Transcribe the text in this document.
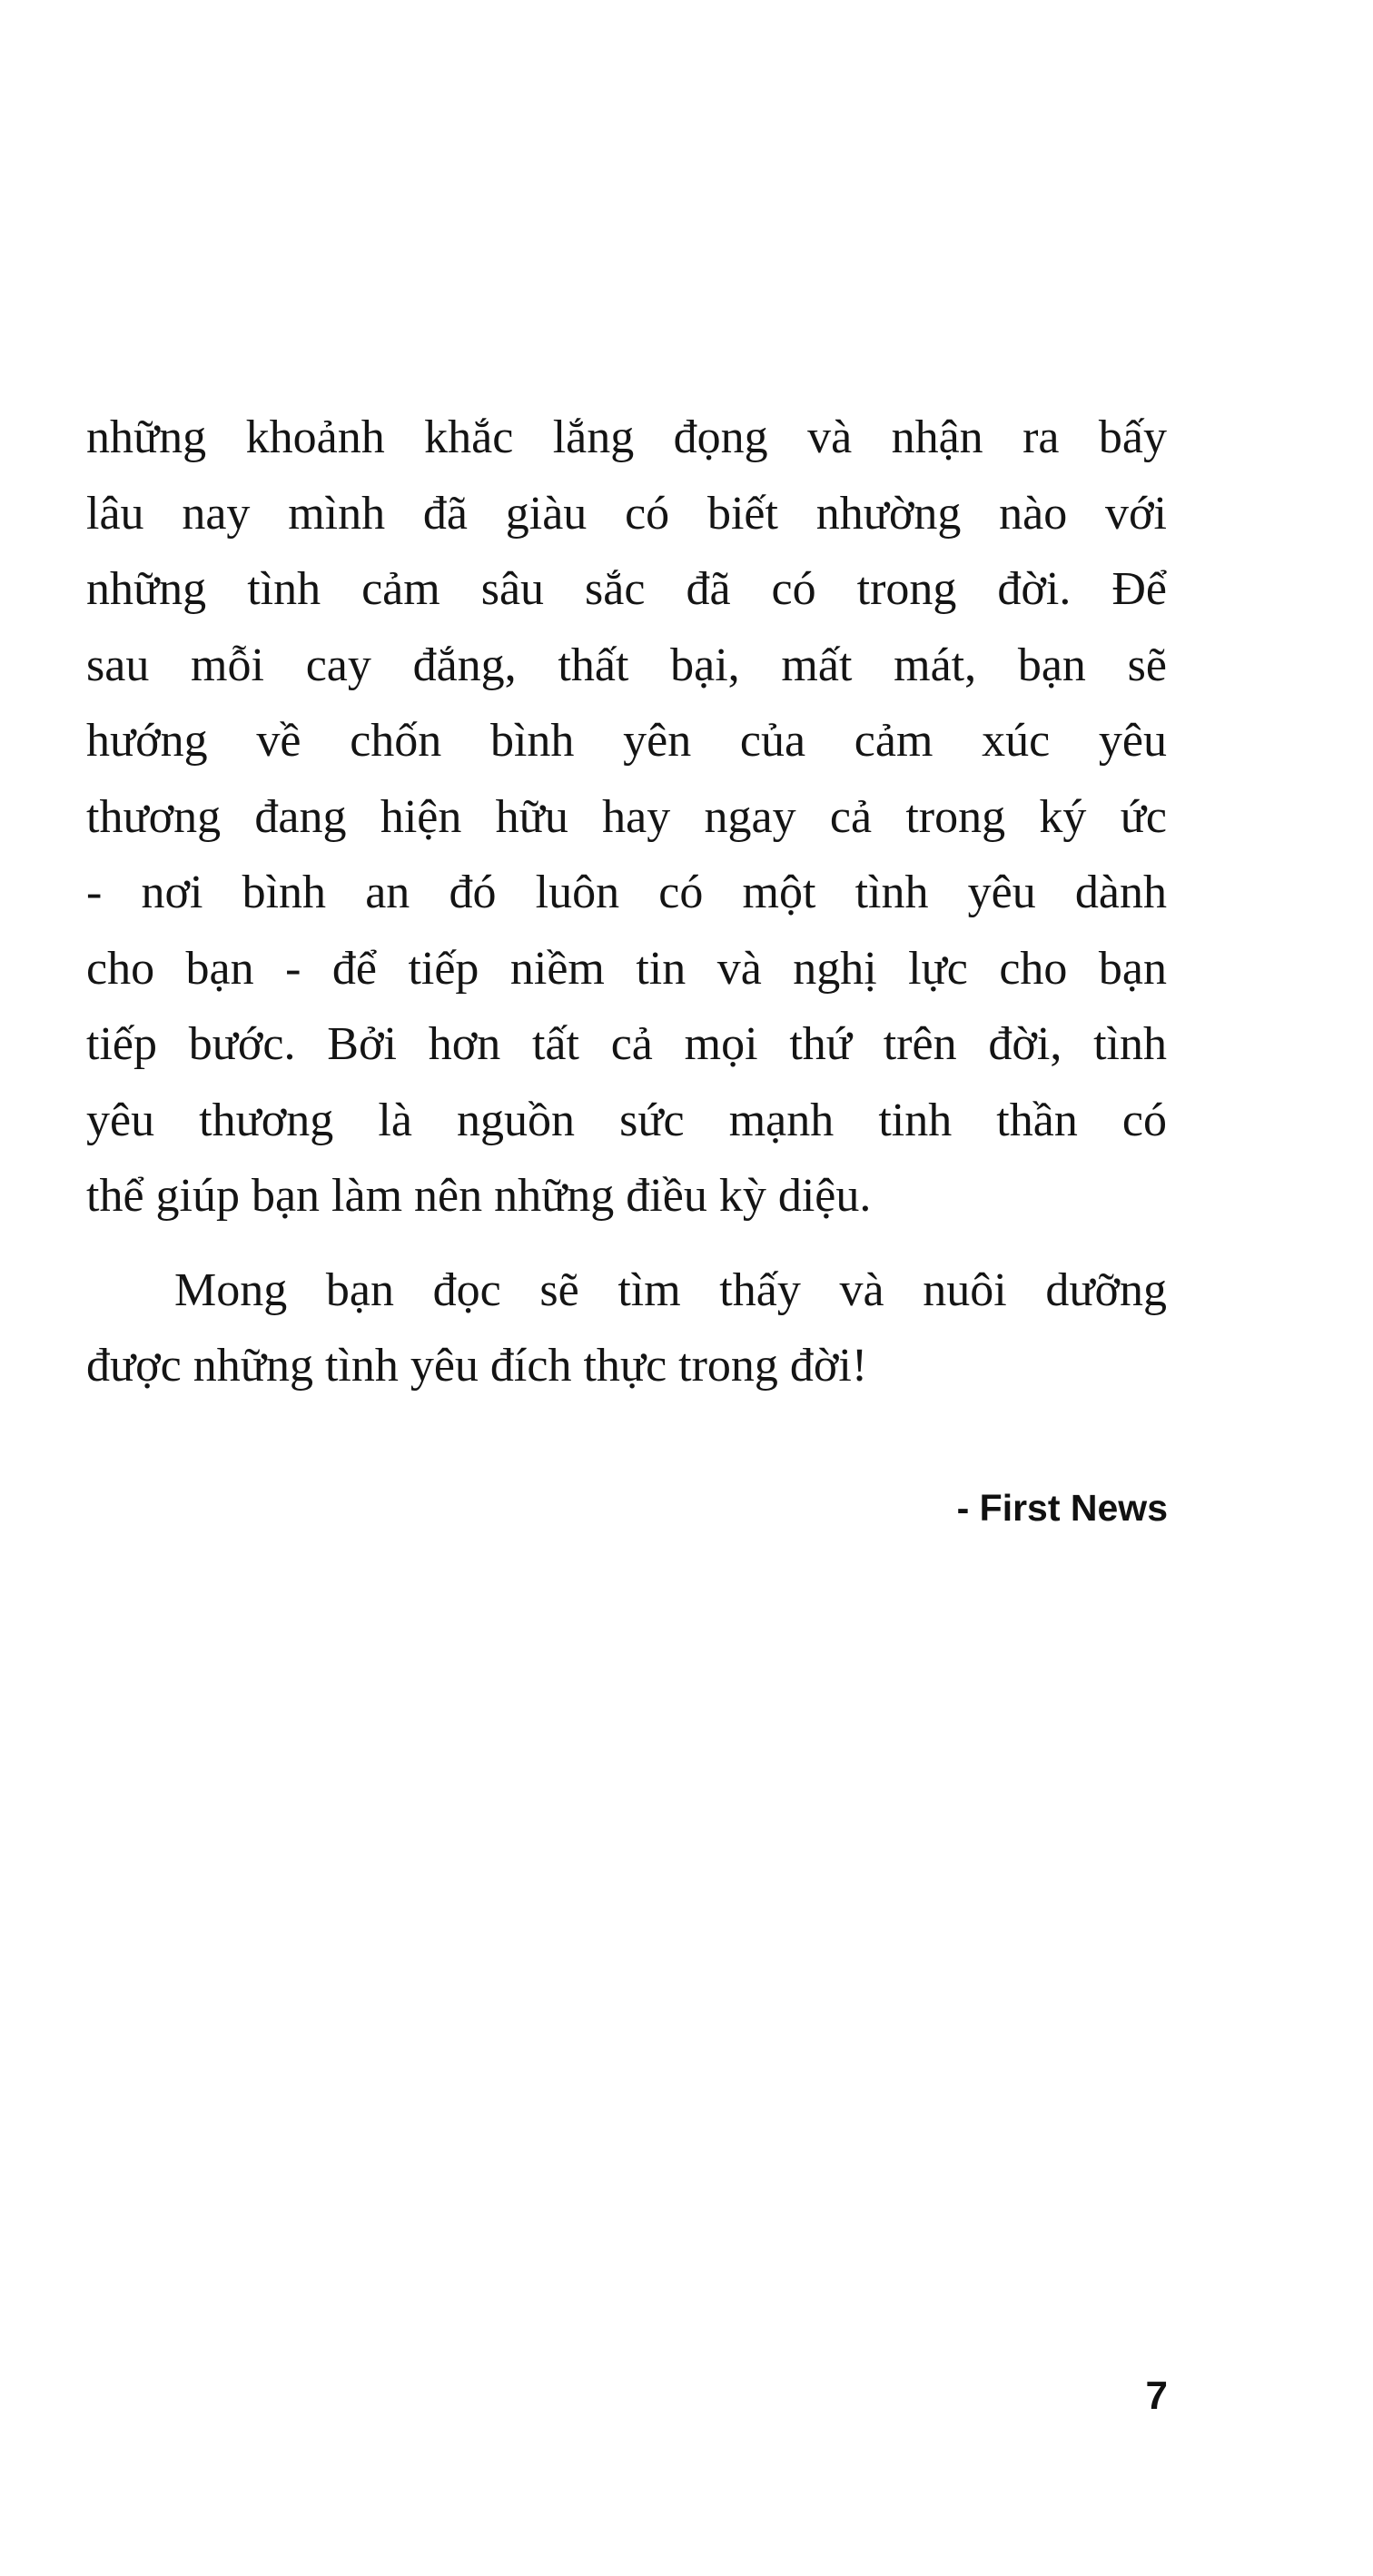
những khoảnh khắc lắng đọng và nhận ra bấy
lâu nay mình đã giàu có biết nhường nào với
những tình cảm sâu sắc đã có trong đời. Để
sau mỗi cay đắng, thất bại, mất mát, bạn sẽ
hướng về chốn bình yên của cảm xúc yêu
thương đang hiện hữu hay ngay cả trong ký ức
- nơi bình an đó luôn có một tình yêu dành
cho bạn - để tiếp niềm tin và nghị lực cho bạn
tiếp bước. Bởi hơn tất cả mọi thứ trên đời, tình
yêu thương là nguồn sức mạnh tinh thần có
thể giúp bạn làm nên những điều kỳ diệu.
Mong bạn đọc sẽ tìm thấy và nuôi dưỡng
được những tình yêu đích thực trong đời!
- First News
7
